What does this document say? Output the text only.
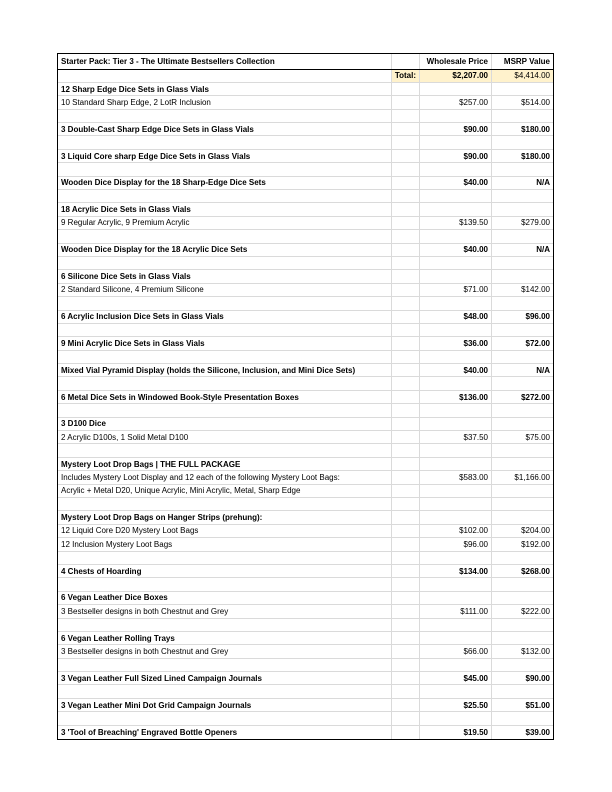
Starter Pack: Tier 3 - The Ultimate Bestsellers Collection	Wholesale Price	MSRP Value
Total:	$2,207.00	$4,414.00
12 Sharp Edge Dice Sets in Glass Vials
10 Standard Sharp Edge, 2 LotR Inclusion	$257.00	$514.00
3 Double-Cast Sharp Edge Dice Sets in Glass Vials	$90.00	$180.00
3 Liquid Core sharp Edge Dice Sets in Glass Vials	$90.00	$180.00
Wooden Dice Display for the 18 Sharp-Edge Dice Sets	$40.00	N/A
18 Acrylic Dice Sets in Glass Vials
9 Regular Acrylic, 9 Premium Acrylic	$139.50	$279.00
Wooden Dice Display for the 18 Acrylic Dice Sets	$40.00	N/A
6 Silicone Dice Sets in Glass Vials
2 Standard Silicone, 4 Premium Silicone	$71.00	$142.00
6 Acrylic Inclusion Dice Sets in Glass Vials	$48.00	$96.00
9 Mini Acrylic Dice Sets in Glass Vials	$36.00	$72.00
Mixed Vial Pyramid Display (holds the Silicone, Inclusion, and Mini Dice Sets)	$40.00	N/A
6 Metal Dice Sets in Windowed Book-Style Presentation Boxes	$136.00	$272.00
3 D100 Dice
2 Acrylic D100s, 1 Solid Metal D100	$37.50	$75.00
Mystery Loot Drop Bags | THE FULL PACKAGE
Includes Mystery Loot Display and 12 each of the following Mystery Loot Bags:	$583.00	$1,166.00
Acrylic + Metal D20, Unique Acrylic, Mini Acrylic, Metal, Sharp Edge
Mystery Loot Drop Bags on Hanger Strips (prehung):
12 Liquid Core D20 Mystery Loot Bags	$102.00	$204.00
12 Inclusion Mystery Loot Bags	$96.00	$192.00
4 Chests of Hoarding	$134.00	$268.00
6 Vegan Leather Dice Boxes
3 Bestseller designs in both Chestnut and Grey	$111.00	$222.00
6 Vegan Leather Rolling Trays
3 Bestseller designs in both Chestnut and Grey	$66.00	$132.00
3 Vegan Leather Full Sized Lined Campaign Journals	$45.00	$90.00
3 Vegan Leather Mini Dot Grid Campaign Journals	$25.50	$51.00
3 'Tool of Breaching' Engraved Bottle Openers	$19.50	$39.00
